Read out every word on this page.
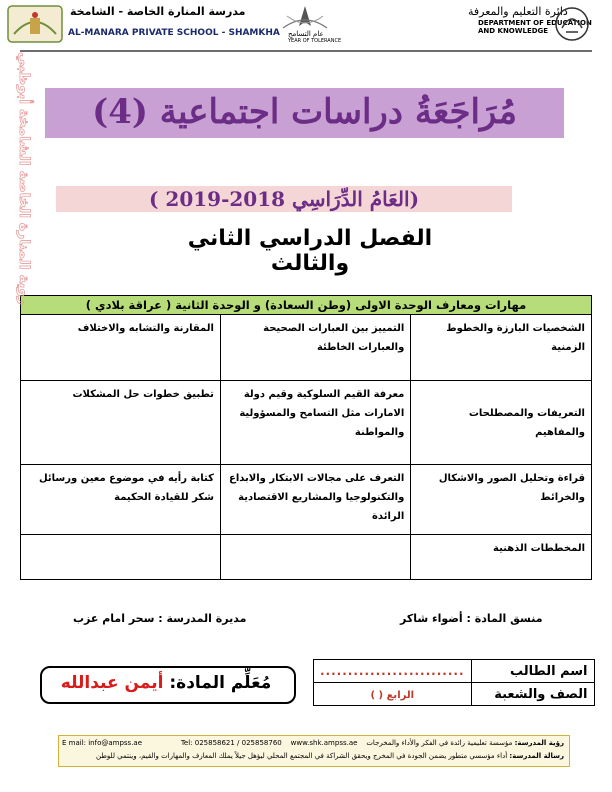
مدرسة المنارة الخاصة - الشامخة
AL-MANARA PRIVATE SCHOOL - SHAMKHA عام التسامح
YEAR OF TOLERANCE
دائرة التعليم والمعرفة
DEPARTMENT OF EDUCATION
AND KNOWLEDGE
مُرَاجَعَةُ دراسات اجتماعية (4)
( العَامُ الدِّرَاسِي 2018-2019)
الفصل الدراسي الثاني والثالث
مهارات ومعارف الوحدة الاولى (وطن السعادة) و الوحدة الثانية ( عراقة بلادي )		
الشخصيات البارزة والخطوط الزمنية	التمييز بين العبارات الصحيحة والعبارات الخاطئة	المقارنة والتشابه والاختلاف
التعريفات والمصطلحات والمفاهيم	معرفة القيم السلوكية وقيم دولة الامارات مثل التسامح والمسؤولية والمواطنة	تطبيق خطوات حل المشكلات
قراءة وتحليل الصور والاشكال والخرائط	التعرف على مجالات الابتكار والابداع والتكنولوجيا والمشاريع الاقتصادية الرائدة	كتابة رأيه في موضوع معين ورسائل شكر للقيادة الحكيمة
المخططات الذهنية		
روية المنارة الخاصة الشامخة أبوظبي
منسق المادة : أضواء شاكر
مديرة المدرسة : سحر امام عزب
اسم الطالب	..........................
الصف والشعبة	الرابع ( )
مُعَلِّم المادة: أيمن عبدالله
رؤية المدرسة: مؤسسة تعليمية رائدة في الفكر والأداء والمخرجات    Tel: 025858621 / 025858760 www.shk.ampss.ae
E mail: info@ampss.ae
رسالة المدرسة: أداء مؤسسي متطور يضمن الجودة في المخرج ويحقق الشراكة في المجتمع المحلي ليؤهل جيلاً يملك المعارف والمهارات والقيم، وينتمي للوطن
